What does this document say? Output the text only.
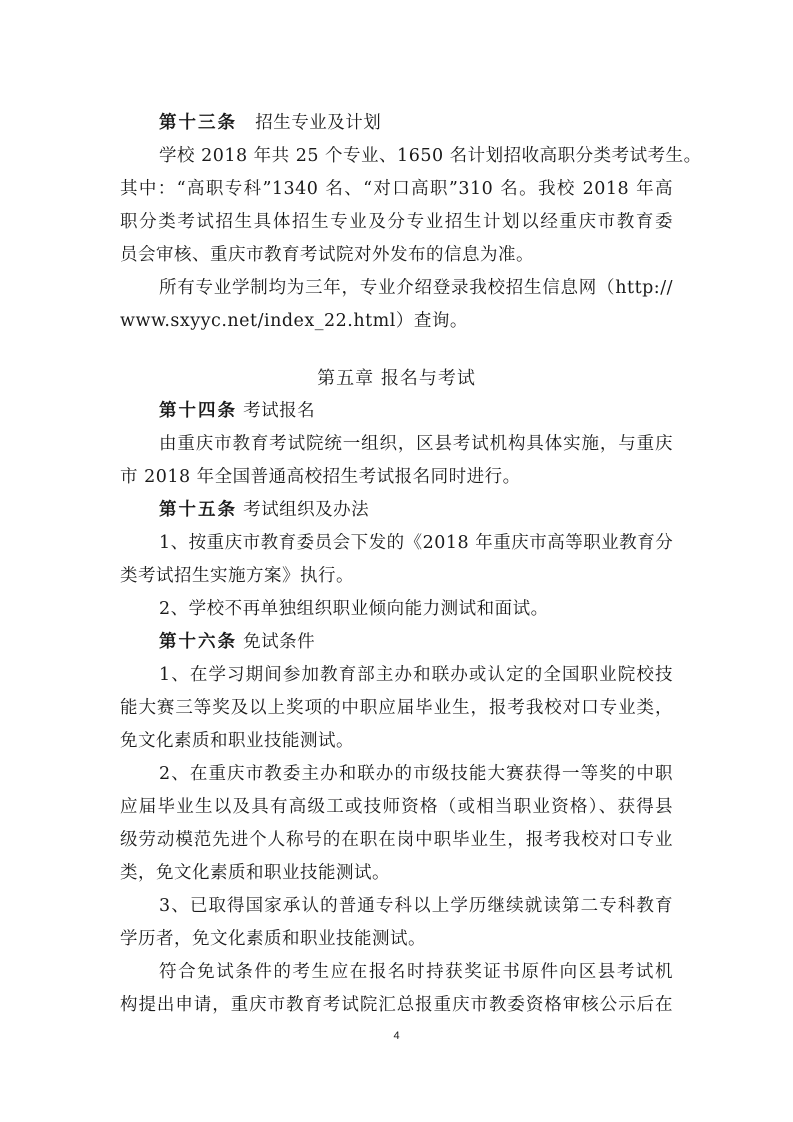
第十三条 招生专业及计划
学校 2018 年共 25 个专业、1650 名计划招收高职分类考试考生。
其中：“高职专科”1340 名、“对口高职”310 名。我校 2018 年高
职分类考试招生具体招生专业及分专业招生计划以经重庆市教育委
员会审核、重庆市教育考试院对外发布的信息为准。
所有专业学制均为三年，专业介绍登录我校招生信息网（http://
www.sxyyc.net/index_22.html）查询。
第五章 报名与考试
第十四条 考试报名
由重庆市教育考试院统一组织，区县考试机构具体实施，与重庆
市 2018 年全国普通高校招生考试报名同时进行。
第十五条 考试组织及办法
1、按重庆市教育委员会下发的《2018 年重庆市高等职业教育分
类考试招生实施方案》执行。
2、学校不再单独组织职业倾向能力测试和面试。
第十六条 免试条件
1、在学习期间参加教育部主办和联办或认定的全国职业院校技
能大赛三等奖及以上奖项的中职应届毕业生，报考我校对口专业类，
免文化素质和职业技能测试。
2、在重庆市教委主办和联办的市级技能大赛获得一等奖的中职
应届毕业生以及具有高级工或技师资格（或相当职业资格）、获得县
级劳动模范先进个人称号的在职在岗中职毕业生，报考我校对口专业
类，免文化素质和职业技能测试。
3、已取得国家承认的普通专科以上学历继续就读第二专科教育
学历者，免文化素质和职业技能测试。
符合免试条件的考生应在报名时持获奖证书原件向区县考试机
构提出申请，重庆市教育考试院汇总报重庆市教委资格审核公示后在
4
